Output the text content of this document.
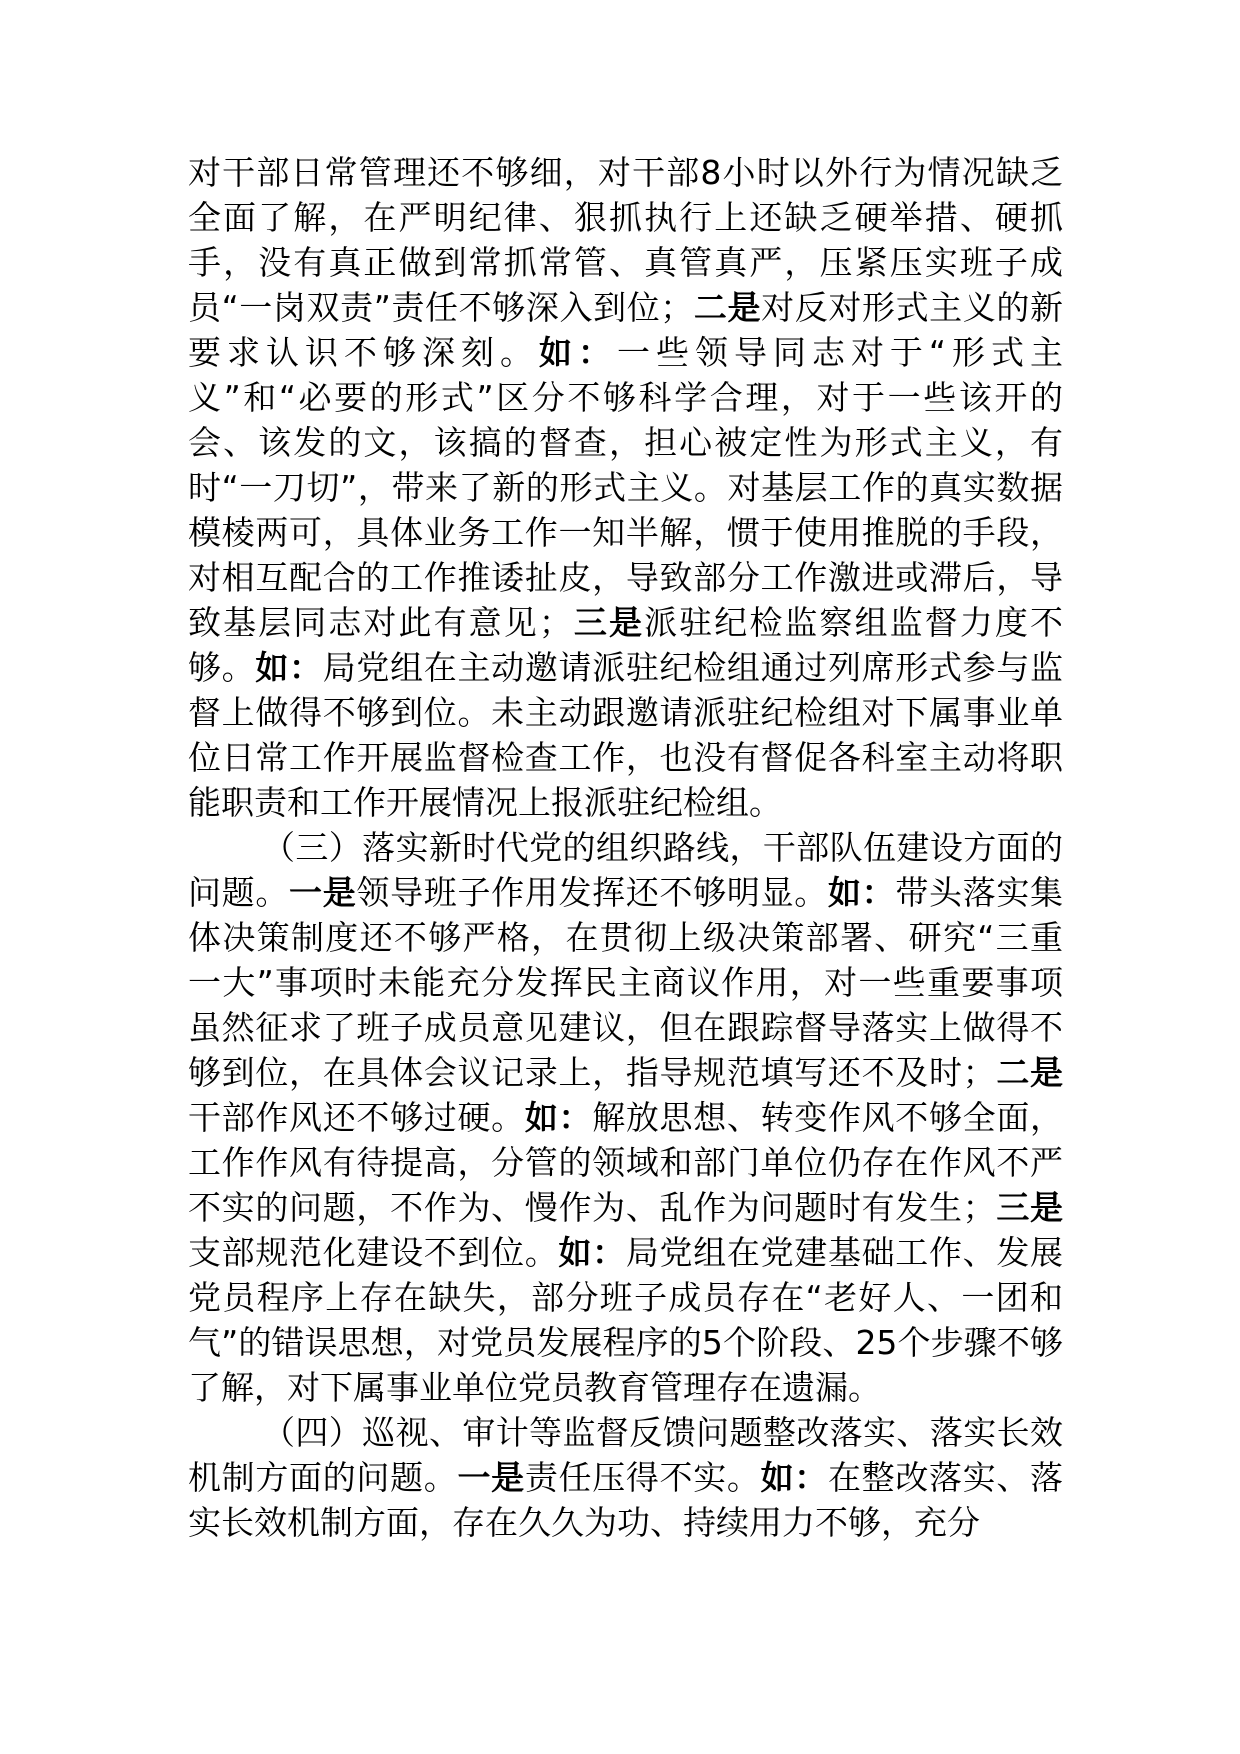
对干部日常管理还不够细，对干部8小时以外行为情况缺乏全面了解，在严明纪律、狠抓执行上还缺乏硬举措、硬抓手，没有真正做到常抓常管、真管真严，压紧压实班子成员“一岗双责”责任不够深入到位；二是对反对形式主义的新要求认识不够深刻。如：一些领导同志对于“形式主义”和“必要的形式”区分不够科学合理，对于一些该开的会、该发的文，该搞的督查，担心被定性为形式主义，有时“一刀切”，带来了新的形式主义。对基层工作的真实数据模棱两可，具体业务工作一知半解，惯于使用推脱的手段，对相互配合的工作推诿扯皮，导致部分工作激进或滞后，导致基层同志对此有意见；三是派驻纪检监察组监督力度不够。如：局党组在主动邀请派驻纪检组通过列席形式参与监督上做得不够到位。未主动跟邀请派驻纪检组对下属事业单位日常工作开展监督检查工作，也没有督促各科室主动将职能职责和工作开展情况上报派驻纪检组。

（三）落实新时代党的组织路线，干部队伍建设方面的问题。一是领导班子作用发挥还不够明显。如：带头落实集体决策制度还不够严格，在贯彻上级决策部署、研究“三重一大”事项时未能充分发挥民主商议作用，对一些重要事项虽然征求了班子成员意见建议，但在跟踪督导落实上做得不够到位，在具体会议记录上，指导规范填写还不及时；二是干部作风还不够过硬。如：解放思想、转变作风不够全面，工作作风有待提高，分管的领域和部门单位仍存在作风不严不实的问题，不作为、慢作为、乱作为问题时有发生；三是支部规范化建设不到位。如：局党组在党建基础工作、发展党员程序上存在缺失，部分班子成员存在“老好人、一团和气”的错误思想，对党员发展程序的5个阶段、25个步骤不够了解，对下属事业单位党员教育管理存在遗漏。

（四）巡视、审计等监督反馈问题整改落实、落实长效机制方面的问题。一是责任压得不实。如：在整改落实、落实长效机制方面，存在久久为功、持续用力不够，充分
